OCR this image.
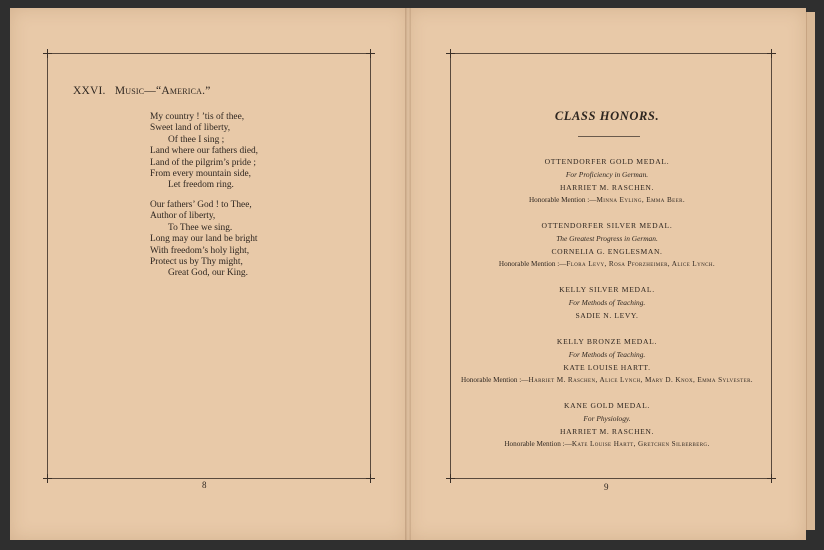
XXVI. Music—“America.”
My country ! ’tis of thee,
Sweet land of liberty,
Of thee I sing ;
Land where our fathers died,
Land of the pilgrim’s pride ;
From every mountain side,
Let freedom ring.
Our fathers’ God ! to Thee,
Author of liberty,
To Thee we sing.
Long may our land be bright
With freedom’s holy light,
Protect us by Thy might,
Great God, our King.
8
CLASS HONORS.
OTTENDORFER GOLD MEDAL.
For Proficiency in German.
HARRIET M. RASCHEN.
Honorable Mention :—Minna Eyling, Emma Beer.
OTTENDORFER SILVER MEDAL.
The Greatest Progress in German.
CORNELIA G. ENGLESMAN.
Honorable Mention :—Flora Levy, Rosa Pforzheimer, Alice Lynch.
KELLY SILVER MEDAL.
For Methods of Teaching.
SADIE N. LEVY.
KELLY BRONZE MEDAL.
For Methods of Teaching.
KATE LOUISE HARTT.
Honorable Mention :—Harriet M. Raschen, Alice Lynch, Mary D. Knox, Emma Sylvester.
KANE GOLD MEDAL.
For Physiology.
HARRIET M. RASCHEN.
Honorable Mention :—Kate Louise Hartt, Gretchen Silberberg.
9
